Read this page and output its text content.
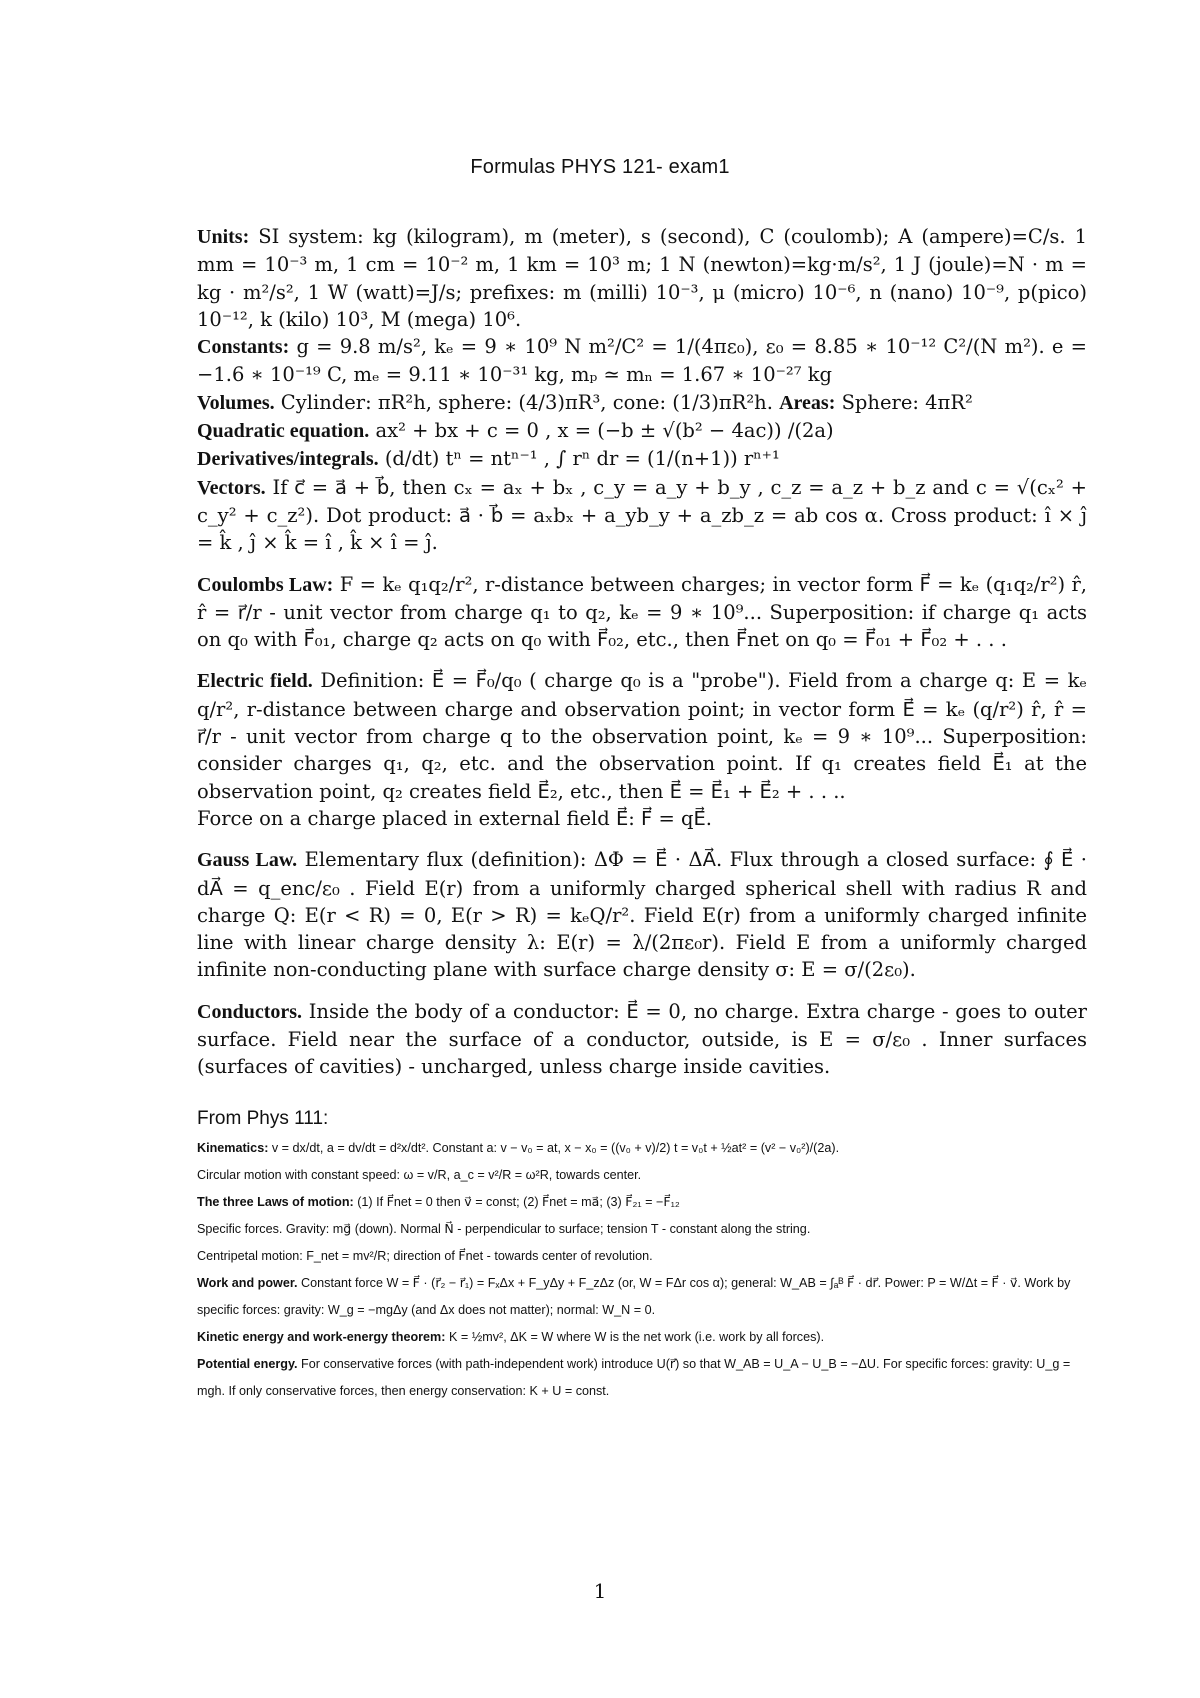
Formulas PHYS 121- exam1

Units: SI system: kg (kilogram), m (meter), s (second), C (coulomb); A (ampere)=C/s. 1 mm = 10⁻³ m, 1 cm = 10⁻² m, 1 km = 10³ m; 1 N (newton)=kg·m/s², 1 J (joule)=N · m = kg · m²/s², 1 W (watt)=J/s; prefixes: m (milli) 10⁻³, μ (micro) 10⁻⁶, n (nano) 10⁻⁹, p(pico) 10⁻¹², k (kilo) 10³, M (mega) 10⁶.

Constants: g = 9.8 m/s², kₑ = 9 ∗ 10⁹ N m²/C² = 1/(4πε₀), ε₀ = 8.85 ∗ 10⁻¹² C²/(N m²). e = −1.6 ∗ 10⁻¹⁹ C, mₑ = 9.11 ∗ 10⁻³¹ kg, mₚ ≃ mₙ = 1.67 ∗ 10⁻²⁷ kg

Volumes. Cylinder: πR²h, sphere: (4/3)πR³, cone: (1/3)πR²h. Areas: Sphere: 4πR²

Quadratic equation. ax² + bx + c = 0 , x = (−b ± √(b² − 4ac)) /(2a)

Derivatives/integrals. (d/dt) tⁿ = ntⁿ⁻¹ , ∫ rⁿ dr = (1/(n+1)) rⁿ⁺¹

Vectors. If c⃗ = a⃗ + b⃗, then cₓ = aₓ + bₓ , c_y = a_y + b_y , c_z = a_z + b_z and c = √(cₓ² + c_y² + c_z²). Dot product: a⃗ · b⃗ = aₓbₓ + a_yb_y + a_zb_z = ab cos α. Cross product: î × ĵ = k̂ , ĵ × k̂ = î , k̂ × î = ĵ.

Coulombs Law: F = kₑ q₁q₂/r², r-distance between charges; in vector form F⃗ = kₑ (q₁q₂/r²) r̂, r̂ = r⃗/r - unit vector from charge q₁ to q₂, kₑ = 9 ∗ 10⁹... Superposition: if charge q₁ acts on q₀ with F⃗₀₁, charge q₂ acts on q₀ with F⃗₀₂, etc., then F⃗net on q₀ = F⃗₀₁ + F⃗₀₂ + . . .

Electric field. Definition: E⃗ = F⃗₀/q₀ ( charge q₀ is a "probe"). Field from a charge q: E = kₑ q/r², r-distance between charge and observation point; in vector form E⃗ = kₑ (q/r²) r̂, r̂ = r⃗/r - unit vector from charge q to the observation point, kₑ = 9 ∗ 10⁹... Superposition: consider charges q₁, q₂, etc. and the observation point. If q₁ creates field E⃗₁ at the observation point, q₂ creates field E⃗₂, etc., then E⃗ = E⃗₁ + E⃗₂ + . . ..
Force on a charge placed in external field E⃗: F⃗ = qE⃗.

Gauss Law. Elementary flux (definition): ΔΦ = E⃗ · ΔA⃗. Flux through a closed surface: ∮ E⃗ · dA⃗ = q_enc/ε₀ . Field E(r) from a uniformly charged spherical shell with radius R and charge Q: E(r < R) = 0, E(r > R) = kₑQ/r². Field E(r) from a uniformly charged infinite line with linear charge density λ: E(r) = λ/(2πε₀r). Field E from a uniformly charged infinite non-conducting plane with surface charge density σ: E = σ/(2ε₀).

Conductors. Inside the body of a conductor: E⃗ = 0, no charge. Extra charge - goes to outer surface. Field near the surface of a conductor, outside, is E = σ/ε₀ . Inner surfaces (surfaces of cavities) - uncharged, unless charge inside cavities.

From Phys 111:
Kinematics: v = dx/dt, a = dv/dt = d²x/dt². Constant a: v − v₀ = at, x − x₀ = ((v₀ + v)/2) t = v₀t + ½at² = (v² − v₀²)/(2a).
Circular motion with constant speed: ω = v/R, a_c = v²/R = ω²R, towards center.
The three Laws of motion: (1) If F⃗net = 0 then v⃗ = const; (2) F⃗net = ma⃗; (3) F⃗₂₁ = −F⃗₁₂
Specific forces. Gravity: mg⃗ (down). Normal N⃗ - perpendicular to surface; tension T - constant along the string.
Centripetal motion: F_net = mv²/R; direction of F⃗net - towards center of revolution.
Work and power. Constant force W = F⃗ · (r⃗₂ − r⃗₁) = FₓΔx + F_yΔy + F_zΔz (or, W = FΔr cos α); general: W_AB = ∫ₐᴮ F⃗ · dr⃗. Power: P = W/Δt = F⃗ · v⃗. Work by specific forces: gravity: W_g = −mgΔy (and Δx does not matter); normal: W_N = 0.
Kinetic energy and work-energy theorem: K = ½mv², ΔK = W where W is the net work (i.e. work by all forces).
Potential energy. For conservative forces (with path-independent work) introduce U(r⃗) so that W_AB = U_A − U_B = −ΔU. For specific forces: gravity: U_g = mgh. If only conservative forces, then energy conservation: K + U = const.
1
